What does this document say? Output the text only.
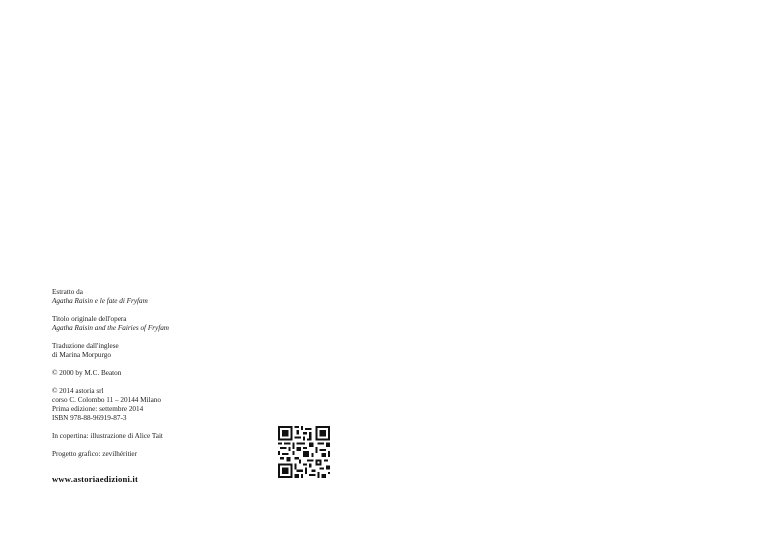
Estratto da
Agatha Raisin e le fate di Fryfam
Titolo originale dell'opera
Agatha Raisin and the Fairies of Fryfam
Traduzione dall'inglese
di Marina Morpurgo
© 2000 by M.C. Beaton
© 2014 astoria srl
corso C. Colombo 11 – 20144 Milano
Prima edizione: settembre 2014
ISBN 978-88-96919-87-3
In copertina: illustrazione di Alice Tait
Progetto grafico: zevilhéritier
www.astoriaedizioni.it
